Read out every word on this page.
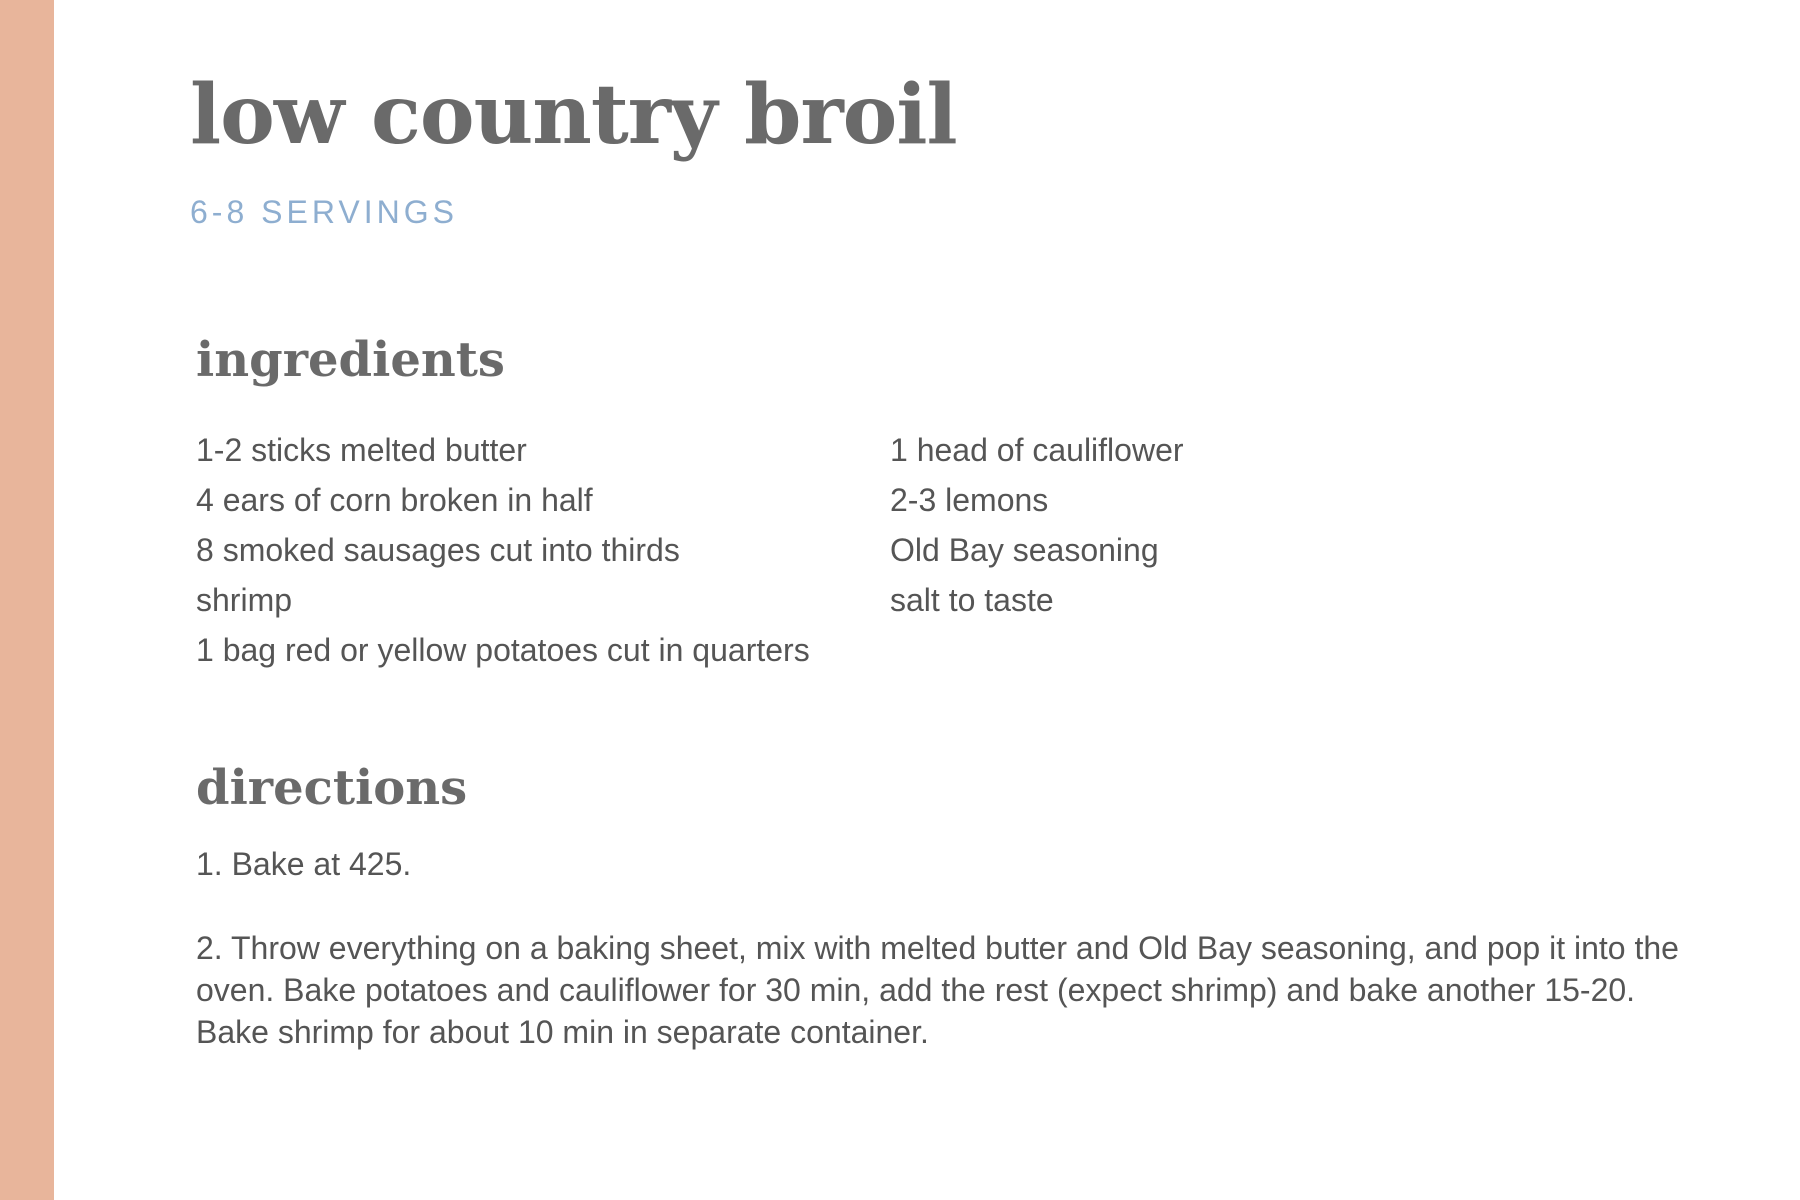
low country broil
6-8 SERVINGS
ingredients
1-2 sticks melted butter
4 ears of corn broken in half
8 smoked sausages cut into thirds
shrimp
1 bag red or yellow potatoes cut in quarters
1 head of cauliflower
2-3 lemons
Old Bay seasoning
salt to taste
directions

1. Bake at 425.

2. Throw everything on a baking sheet, mix with melted butter and Old Bay seasoning, and pop it into the oven. Bake potatoes and cauliflower for 30 min, add the rest (expect shrimp) and bake another 15-20. Bake shrimp for about 10 min in separate container.
